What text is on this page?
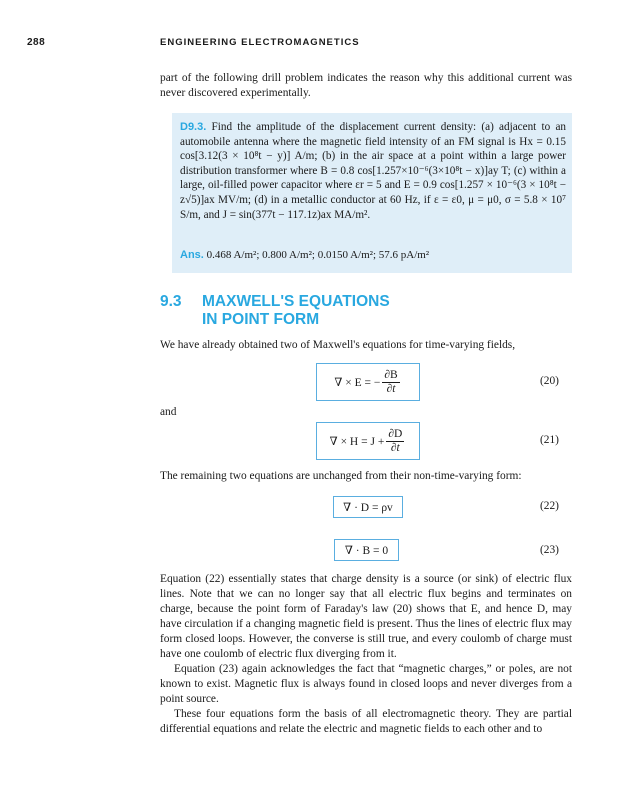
288	ENGINEERING ELECTROMAGNETICS

part of the following drill problem indicates the reason why this additional current was never discovered experimentally.

D9.3. Find the amplitude of the displacement current density: (a) adjacent to an automobile antenna where the magnetic field intensity of an FM signal is Hx = 0.15 cos[3.12(3 × 10⁸t − y)] A/m; (b) in the air space at a point within a large power distribution transformer where B = 0.8 cos[1.257×10⁻⁶(3×10⁸t − x)]ay T; (c) within a large, oil-filled power capacitor where εr = 5 and E = 0.9 cos[1.257 × 10⁻⁶(3 × 10⁸t − z√5)]ax MV/m; (d) in a metallic conductor at 60 Hz, if ε = ε0, μ = μ0, σ = 5.8 × 10⁷ S/m, and J = sin(377t − 117.1z)ax MA/m².
Ans. 0.468 A/m²; 0.800 A/m²; 0.0150 A/m²; 57.6 pA/m²
9.3 MAXWELL'S EQUATIONS
IN POINT FORM

We have already obtained two of Maxwell's equations for time-varying fields,

∇ × E = − $\frac{\partial B}{\partial t}$	(20)

and

∇ × $H = J + \frac{\partial D}{\partial t}$	(21)

The remaining two equations are unchanged from their non-time-varying form:

∇ · D = ρv	(22)
∇ · B = 0	(23)

Equation (22) essentially states that charge density is a source (or sink) of electric flux lines. Note that we can no longer say that all electric flux begins and terminates on charge, because the point form of Faraday's law (20) shows that E, and hence D, may have circulation if a changing magnetic field is present. Thus the lines of electric flux may form closed loops. However, the converse is still true, and every coulomb of charge must have one coulomb of electric flux diverging from it.

Equation (23) again acknowledges the fact that “magnetic charges,” or poles, are not known to exist. Magnetic flux is always found in closed loops and never diverges from a point source.

These four equations form the basis of all electromagnetic theory. They are partial differential equations and relate the electric and magnetic fields to each other and to
